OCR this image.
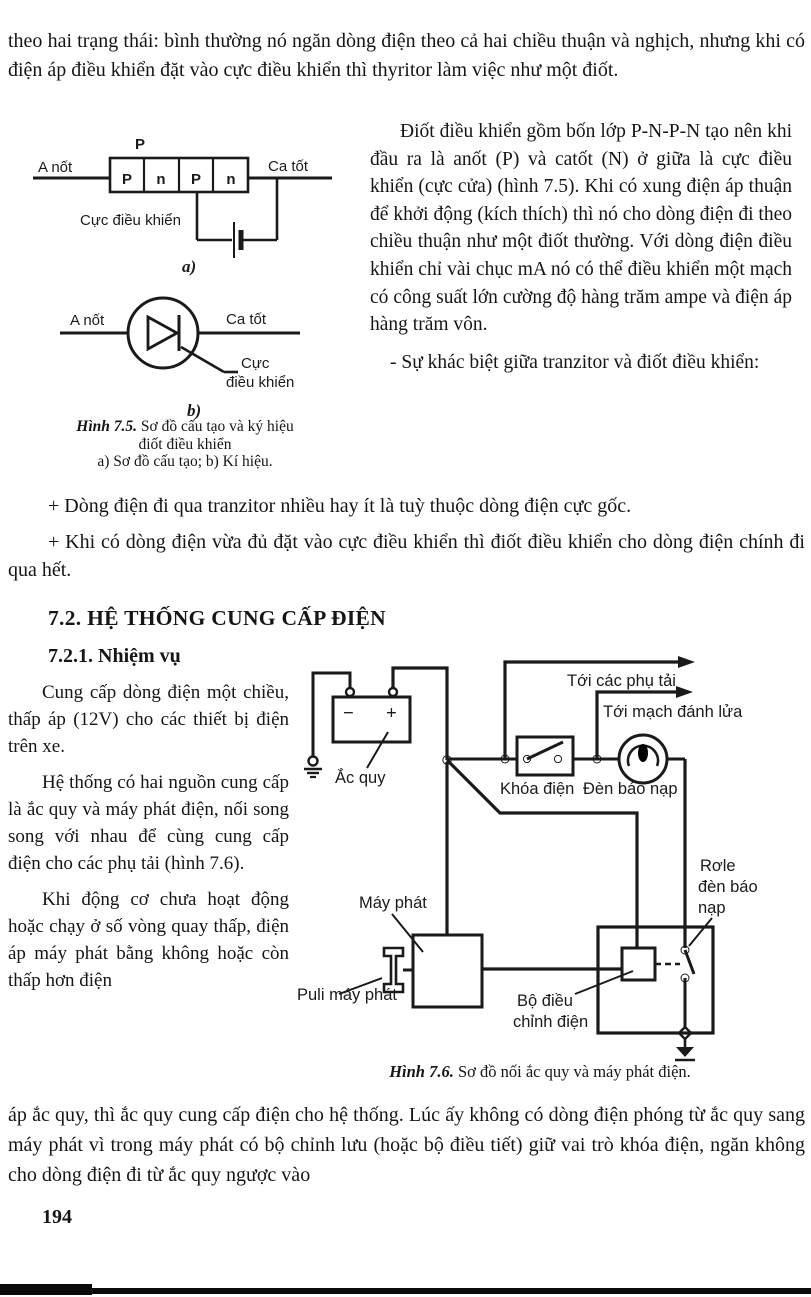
theo hai trạng thái: bình thường nó ngăn dòng điện theo cả hai chiều thuận và nghịch, nhưng khi có điện áp điều khiển đặt vào cực điều khiển thì thyritor làm việc như một điốt.

P
A nốt	Ca tốt
P n P n
Cực điều khiển
a)
A nốt	Ca tốt
Cực
điều khiển
b)
Hình 7.5. Sơ đồ cấu tạo và ký hiệu
điốt điều khiển
a) Sơ đồ cấu tạo; b) Kí hiệu.

Điốt điều khiển gồm bốn lớp P-N-P-N tạo nên khi đầu ra là anốt (P) và catốt (N) ở giữa là cực điều khiển (cực cửa) (hình 7.5). Khi có xung điện áp thuận để khởi động (kích thích) thì nó cho dòng điện đi theo chiều thuận như một điốt thường. Với dòng điện điều khiển chỉ vài chục mA nó có thể điều khiển một mạch có công suất lớn cường độ hàng trăm ampe và điện áp hàng trăm vôn.

- Sự khác biệt giữa tranzitor và điốt điều khiển:

+ Dòng điện đi qua tranzitor nhiều hay ít là tuỳ thuộc dòng điện cực gốc.

+ Khi có dòng điện vừa đủ đặt vào cực điều khiển thì điốt điều khiển cho dòng điện chính đi qua hết.

7.2. HỆ THỐNG CUNG CẤP ĐIỆN
7.2.1. Nhiệm vụ

Cung cấp dòng điện một chiều, thấp áp (12V) cho các thiết bị điện trên xe.

Hệ thống có hai nguồn cung cấp là ắc quy và máy phát điện, nối song song với nhau để cùng cung cấp điện cho các phụ tải (hình 7.6).

Khi động cơ chưa hoạt động hoặc chạy ở số vòng quay thấp, điện áp máy phát bằng không hoặc còn thấp hơn điện

− +
Ắc quy
Tới các phụ tải
Tới mạch đánh lửa
Khóa điện Đèn báo nạp
Máy phát
Puli máy phát
Rơle
đèn báo
nạp
Bộ điều
chỉnh điện
Hình 7.6. Sơ đồ nối ắc quy và máy phát điện.

áp ắc quy, thì ắc quy cung cấp điện cho hệ thống. Lúc ấy không có dòng điện phóng từ ắc quy sang máy phát vì trong máy phát có bộ chỉnh lưu (hoặc bộ điều tiết) giữ vai trò khóa điện, ngăn không cho dòng điện đi từ ắc quy ngược vào

194
